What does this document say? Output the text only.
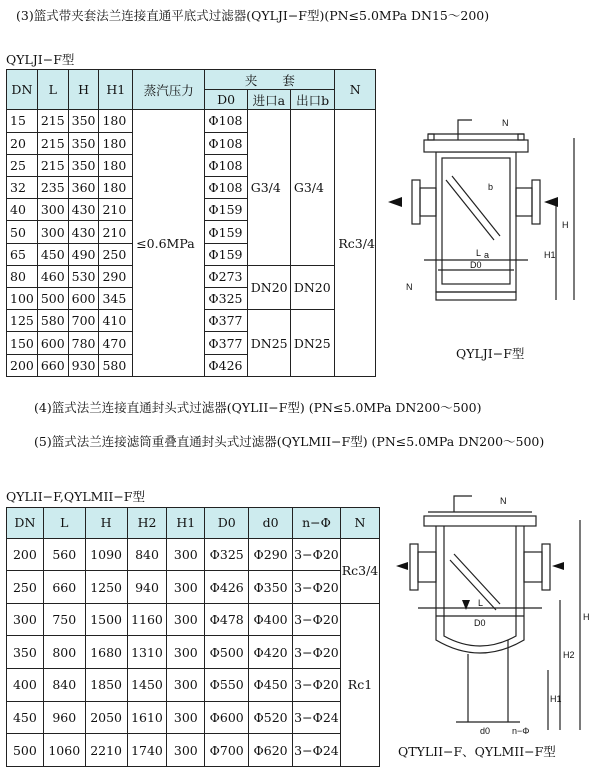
(3)篮式带夹套法兰连接直通平底式过滤器(QYLJI−F型)(PN≤5.0MPa DN15～200)
QYLJI−F型
DN	L	H	H1	蒸汽压力	夹　　套			N
					D0	进口a	出口b	
15	215	350	180	≤0.6MPa	Φ108	G3/4	G3/4	Rc3/4
20	215	350	180		Φ108			
25	215	350	180		Φ108			
32	235	360	180		Φ108			
40	300	430	210		Φ159			
50	300	430	210		Φ159			
65	450	490	250		Φ159			
80	460	530	290		Φ273	DN20	DN20	
100	500	600	345		Φ325			
125	580	700	410		Φ377	DN25	DN25	
150	600	780	470		Φ377			
200	660	930	580		Φ426			
N
b
a
L
D0
H
H1
N
QYLJI−F型
(4)篮式法兰连接直通封头式过滤器(QYLII−F型) (PN≤5.0MPa DN200～500)
(5)篮式法兰连接滤筒重叠直通封头式过滤器(QYLMII−F型) (PN≤5.0MPa DN200～500)
QYLII−F,QYLMII−F型
DN	L	H	H2	H1	D0	d0	n−Φ	N
200	560	1090	840	300	Φ325	Φ290	3−Φ20	Rc3/4
250	660	1250	940	300	Φ426	Φ350	3−Φ20	
300	750	1500	1160	300	Φ478	Φ400	3−Φ20	Rc1
350	800	1680	1310	300	Φ500	Φ420	3−Φ20	
400	840	1850	1450	300	Φ550	Φ450	3−Φ20	
450	960	2050	1610	300	Φ600	Φ520	3−Φ24	
500	1060	2210	1740	300	Φ700	Φ620	3−Φ24	
N
L
D0
H
H2
H1
d0 n−Φ
QTYLII−F、QYLMII−F型
